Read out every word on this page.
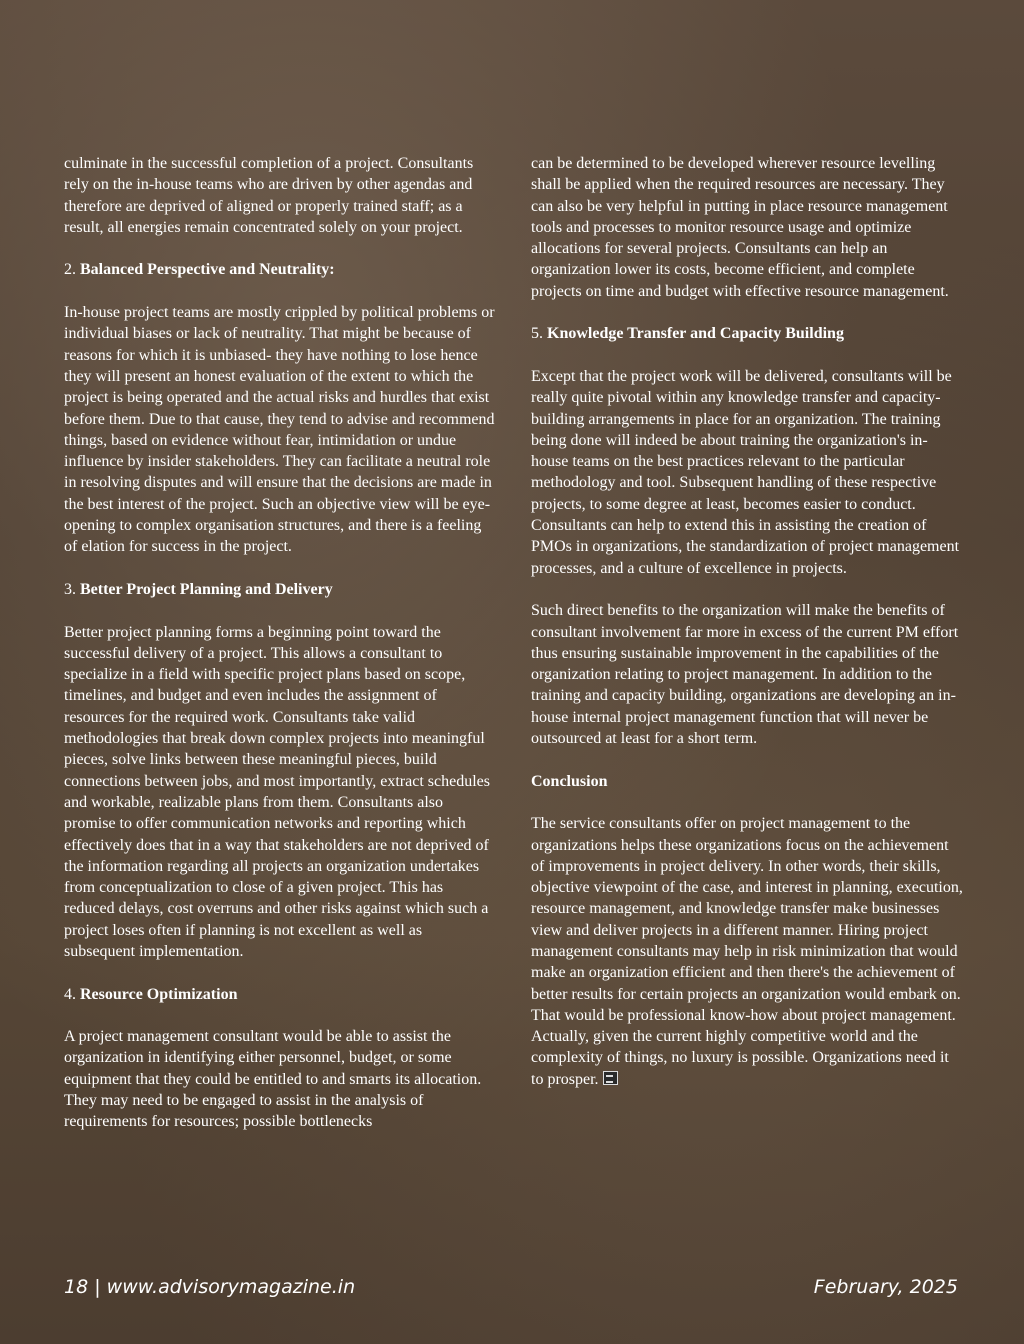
culminate in the successful completion of a project. Consultants rely on the in-house teams who are driven by other agendas and therefore are deprived of aligned or properly trained staff; as a result, all energies remain concentrated solely on your project.

2. Balanced Perspective and Neutrality:

In-house project teams are mostly crippled by political problems or individual biases or lack of neutrality. That might be because of reasons for which it is unbiased- they have nothing to lose hence they will present an honest evaluation of the extent to which the project is being operated and the actual risks and hurdles that exist before them. Due to that cause, they tend to advise and recommend things, based on evidence without fear, intimidation or undue influence by insider stakeholders. They can facilitate a neutral role in resolving disputes and will ensure that the decisions are made in the best interest of the project. Such an objective view will be eye-opening to complex organisation structures, and there is a feeling of elation for success in the project.

3. Better Project Planning and Delivery

Better project planning forms a beginning point toward the successful delivery of a project. This allows a consultant to specialize in a field with specific project plans based on scope, timelines, and budget and even includes the assignment of resources for the required work. Consultants take valid methodologies that break down complex projects into meaningful pieces, solve links between these meaningful pieces, build connections between jobs, and most importantly, extract schedules and workable, realizable plans from them. Consultants also promise to offer communication networks and reporting which effectively does that in a way that stakeholders are not deprived of the information regarding all projects an organization undertakes from conceptualization to close of a given project. This has reduced delays, cost overruns and other risks against which such a project loses often if planning is not excellent as well as subsequent implementation.

4. Resource Optimization

A project management consultant would be able to assist the organization in identifying either personnel, budget, or some equipment that they could be entitled to and smarts its allocation. They may need to be engaged to assist in the analysis of requirements for resources; possible bottlenecks

can be determined to be developed wherever resource levelling shall be applied when the required resources are necessary. They can also be very helpful in putting in place resource management tools and processes to monitor resource usage and optimize allocations for several projects. Consultants can help an organization lower its costs, become efficient, and complete projects on time and budget with effective resource management.

5. Knowledge Transfer and Capacity Building

Except that the project work will be delivered, consultants will be really quite pivotal within any knowledge transfer and capacity-building arrangements in place for an organization. The training being done will indeed be about training the organization's in-house teams on the best practices relevant to the particular methodology and tool. Subsequent handling of these respective projects, to some degree at least, becomes easier to conduct. Consultants can help to extend this in assisting the creation of PMOs in organizations, the standardization of project management processes, and a culture of excellence in projects.

Such direct benefits to the organization will make the benefits of consultant involvement far more in excess of the current PM effort thus ensuring sustainable improvement in the capabilities of the organization relating to project management. In addition to the training and capacity building, organizations are developing an in-house internal project management function that will never be outsourced at least for a short term.

Conclusion

The service consultants offer on project management to the organizations helps these organizations focus on the achievement of improvements in project delivery. In other words, their skills, objective viewpoint of the case, and interest in planning, execution, resource management, and knowledge transfer make businesses view and deliver projects in a different manner. Hiring project management consultants may help in risk minimization that would make an organization efficient and then there's the achievement of better results for certain projects an organization would embark on. That would be professional know-how about project management. Actually, given the current highly competitive world and the complexity of things, no luxury is possible. Organizations need it to prosper.

18 | www.advisorymagazine.in	February, 2025
